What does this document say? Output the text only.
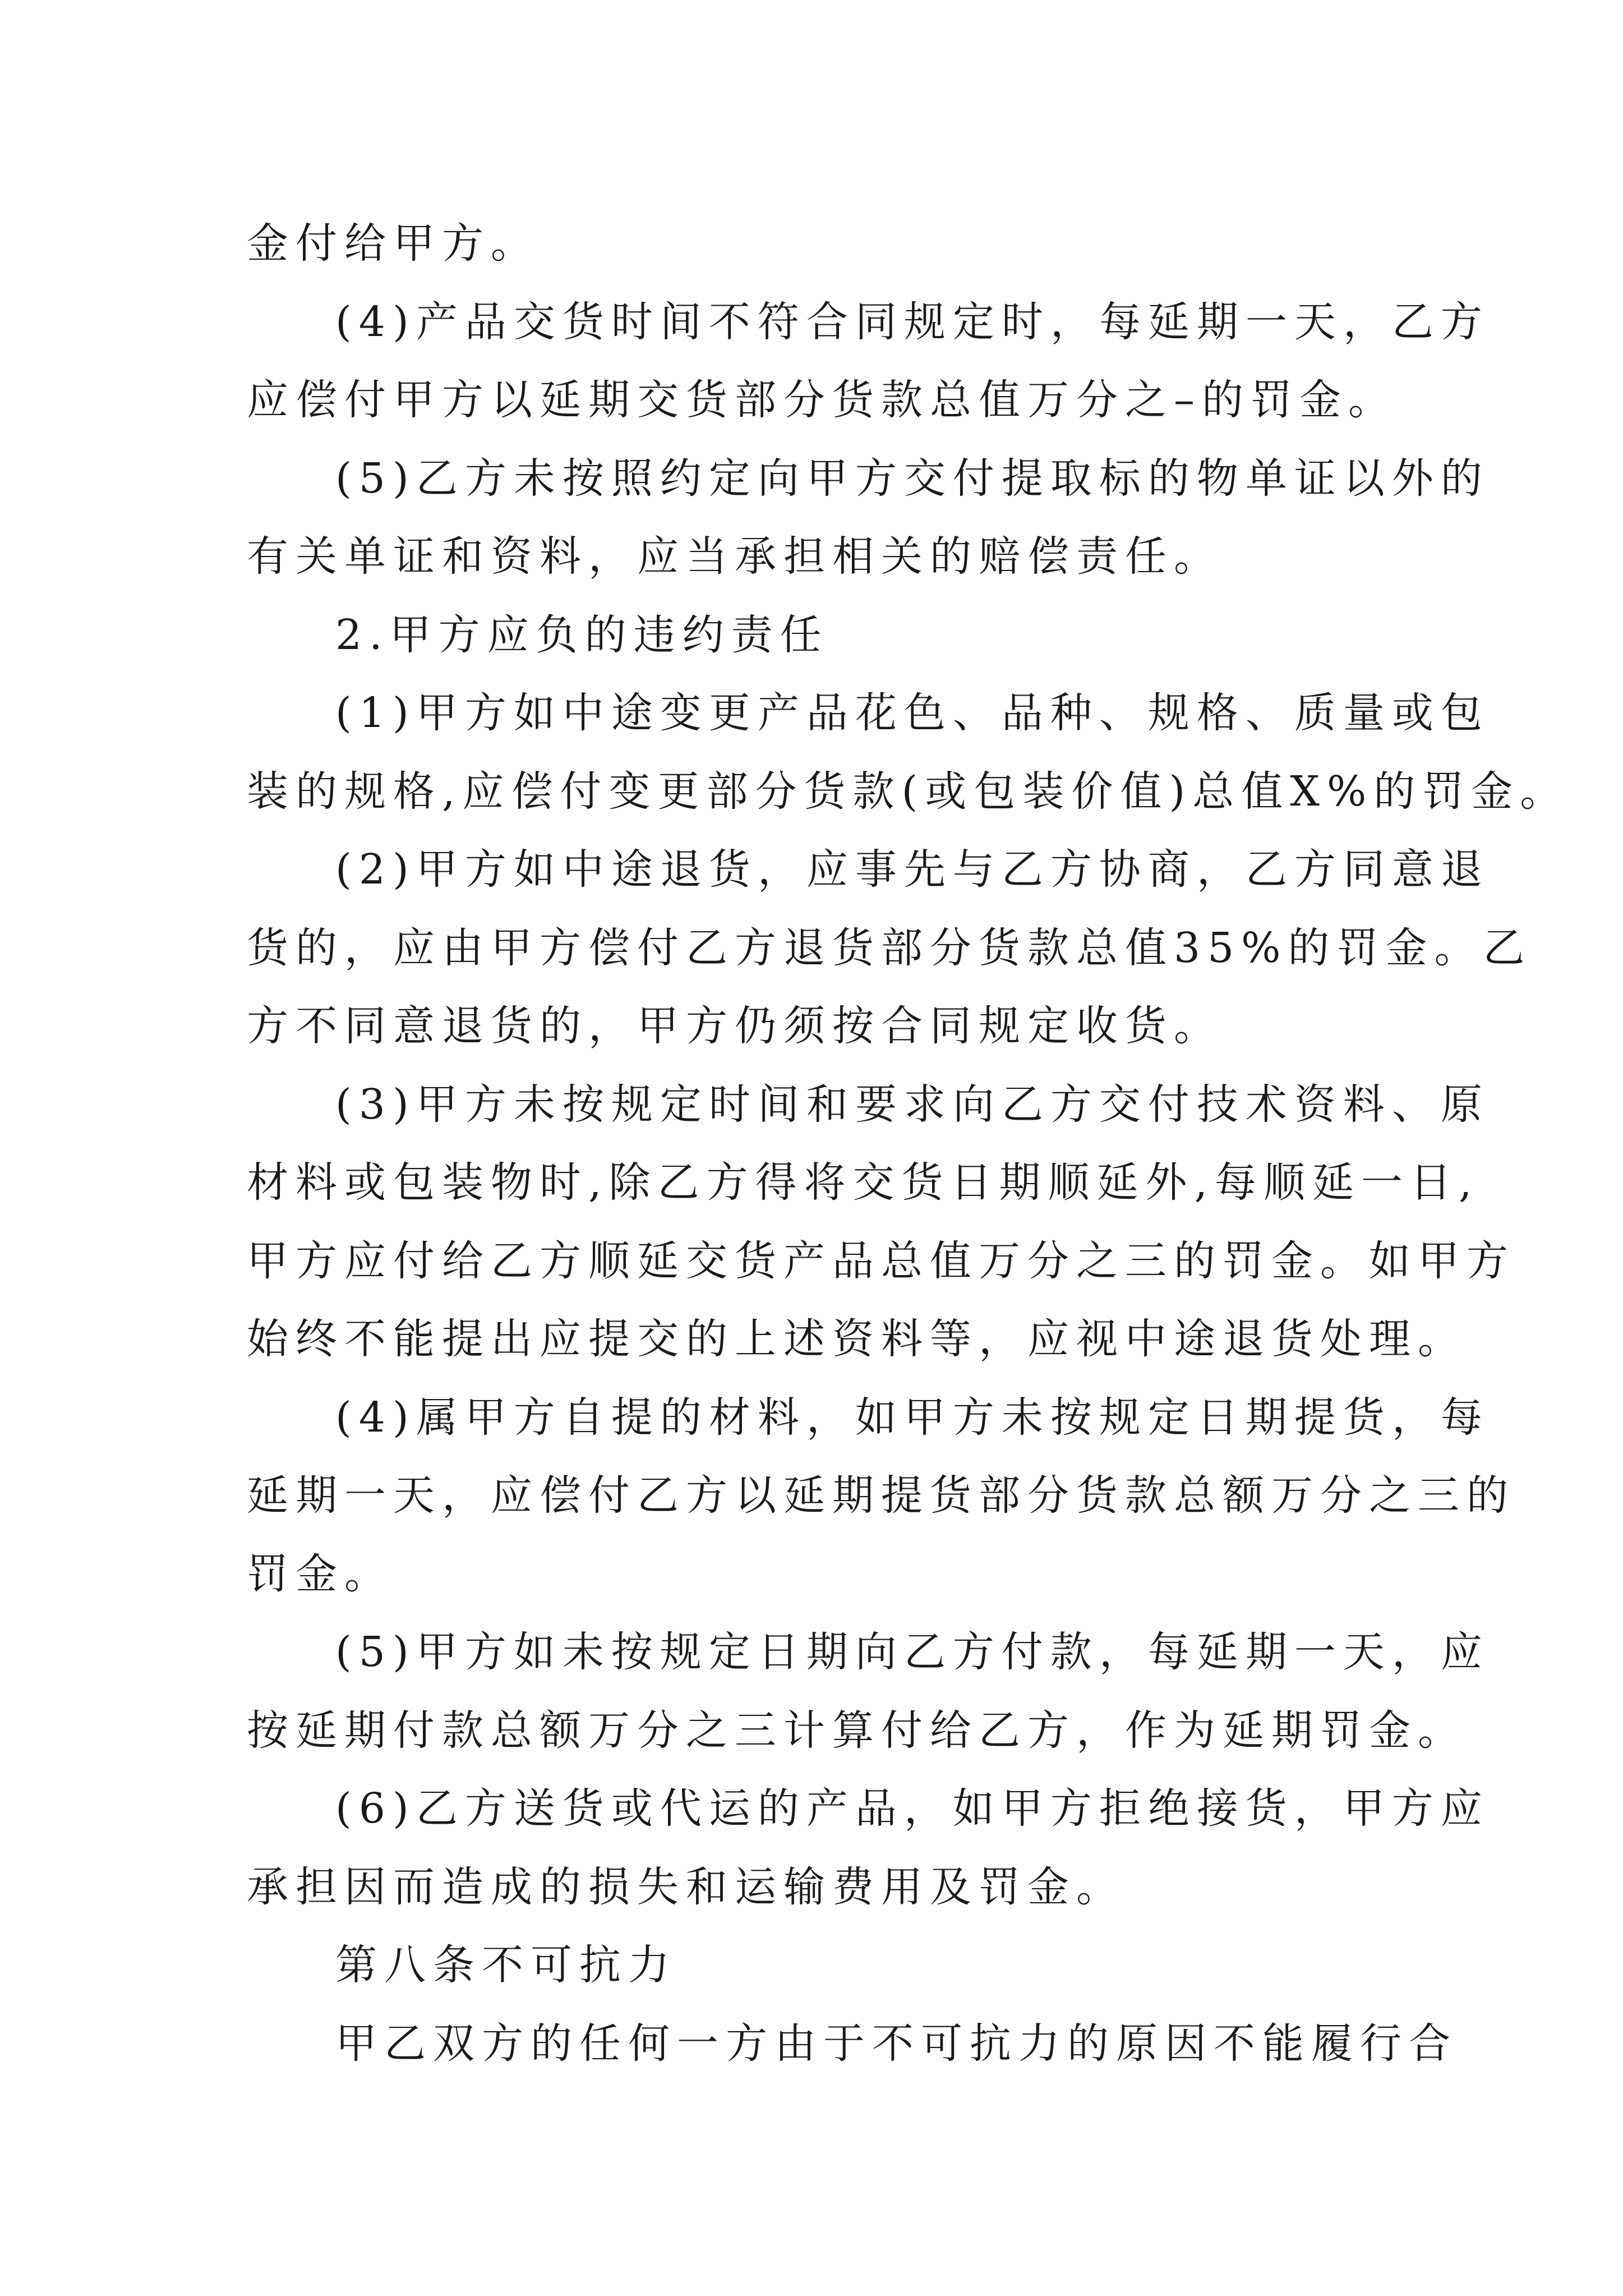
金付给甲方。
(4)产品交货时间不符合同规定时，每延期一天，乙方
应偿付甲方以延期交货部分货款总值万分之–的罚金。
(5)乙方未按照约定向甲方交付提取标的物单证以外的
有关单证和资料，应当承担相关的赔偿责任。
2.甲方应负的违约责任
(1)甲方如中途变更产品花色、品种、规格、质量或包
装的规格,应偿付变更部分货款(或包装价值)总值X%的罚金。
(2)甲方如中途退货，应事先与乙方协商，乙方同意退
货的，应由甲方偿付乙方退货部分货款总值35%的罚金。乙
方不同意退货的，甲方仍须按合同规定收货。
(3)甲方未按规定时间和要求向乙方交付技术资料、原
材料或包装物时,除乙方得将交货日期顺延外,每顺延一日,
甲方应付给乙方顺延交货产品总值万分之三的罚金。如甲方
始终不能提出应提交的上述资料等，应视中途退货处理。
(4)属甲方自提的材料，如甲方未按规定日期提货，每
延期一天，应偿付乙方以延期提货部分货款总额万分之三的
罚金。
(5)甲方如未按规定日期向乙方付款，每延期一天，应
按延期付款总额万分之三计算付给乙方，作为延期罚金。
(6)乙方送货或代运的产品，如甲方拒绝接货，甲方应
承担因而造成的损失和运输费用及罚金。
第八条不可抗力
甲乙双方的任何一方由于不可抗力的原因不能履行合
